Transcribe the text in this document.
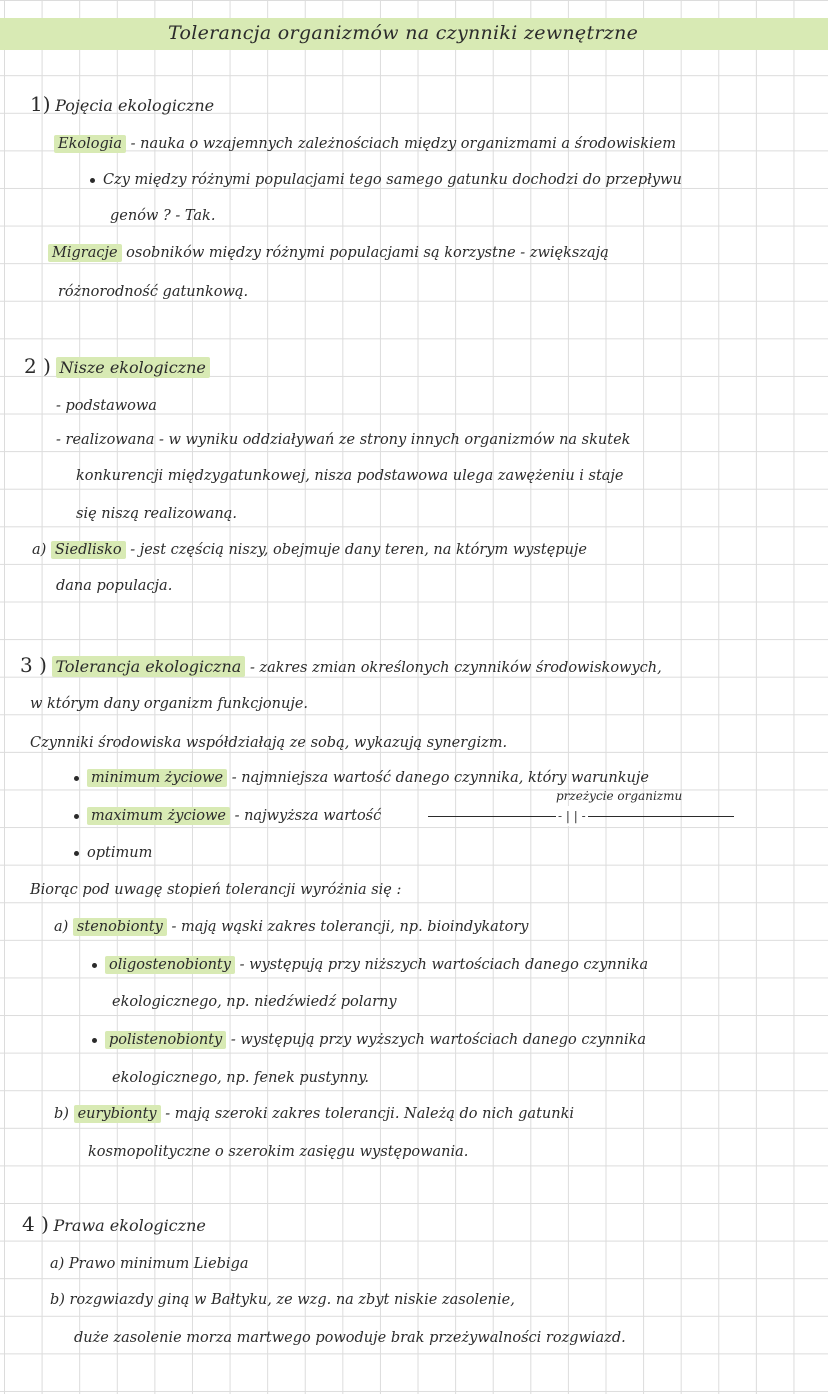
Tolerancja organizmów na czynniki zewnętrzne
1) Pojęcia ekologiczne
Ekologia - nauka o wzajemnych zależnościach między organizmami a środowiskiem
Czy między różnymi populacjami tego samego gatunku dochodzi do przepływu
genów ? - Tak.
Migracje osobników między różnymi populacjami są korzystne - zwiększają
różnorodność gatunkową.
2 ) Nisze ekologiczne
- podstawowa
- realizowana - w wyniku oddziaływań ze strony innych organizmów na skutek
konkurencji międzygatunkowej, nisza podstawowa ulega zawężeniu i staje
się niszą realizowaną.
a) Siedlisko - jest częścią niszy, obejmuje dany teren, na którym występuje
dana populacja.
3 ) Tolerancja ekologiczna - zakres zmian określonych czynników środowiskowych,
w którym dany organizm funkcjonuje.
Czynniki środowiska współdziałają ze sobą, wykazują synergizm.
minimum życiowe - najmniejsza wartość danego czynnika, który warunkuje
przeżycie organizmu
maximum życiowe - najwyższa wartość	- | | -
optimum
Biorąc pod uwagę stopień tolerancji wyróżnia się :
a) stenobionty - mają wąski zakres tolerancji, np. bioindykatory
oligostenobionty - występują przy niższych wartościach danego czynnika
ekologicznego, np. niedźwiedź polarny
polistenobionty - występują przy wyższych wartościach danego czynnika
ekologicznego, np. fenek pustynny.
b) eurybionty - mają szeroki zakres tolerancji. Należą do nich gatunki
kosmopolityczne o szerokim zasięgu występowania.
4 ) Prawa ekologiczne
a) Prawo minimum Liebiga
b) rozgwiazdy giną w Bałtyku, ze wzg. na zbyt niskie zasolenie,
duże zasolenie morza martwego powoduje brak przeżywalności rozgwiazd.
